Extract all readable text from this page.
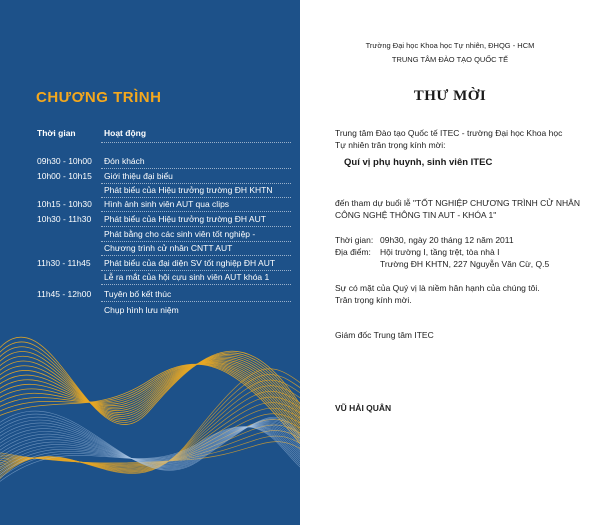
CHƯƠNG TRÌNH
Thời gian	Hoạt động
09h30 - 10h00 Đón khách
10h00 - 10h15 Giới thiệu đại biểu
Phát biểu của Hiệu trưởng trường ĐH KHTN
10h15 - 10h30 Hình ảnh sinh viên AUT qua clips
10h30 - 11h30 Phát biểu của Hiệu trưởng trường ĐH AUT
Phát bằng cho các sinh viên tốt nghiệp -
Chương trình cử nhân CNTT AUT
11h30 - 11h45 Phát biểu của đại diện SV tốt nghiệp ĐH AUT
Lễ ra mắt của hội cựu sinh viên AUT khóa 1
11h45 - 12h00 Tuyên bố kết thúc
Chụp hình lưu niệm
Trường Đại học Khoa học Tự nhiên, ĐHQG - HCM
TRUNG TÂM ĐÀO TẠO QUỐC TẾ
THƯ MỜI
Trung tâm Đào tạo Quốc tế ITEC - trường Đại học Khoa học
Tự nhiên trân trọng kính mời:
Quí vị phụ huynh, sinh viên ITEC
đến tham dự buổi lễ "TỐT NGHIỆP CHƯƠNG TRÌNH CỬ NHÂN
CÔNG NGHỆ THÔNG TIN AUT - KHÓA 1"
Thời gian: 09h30, ngày 20 tháng 12 năm 2011
Địa điểm: Hội trường I, tầng trệt, tòa nhà I
Trường ĐH KHTN, 227 Nguyễn Văn Cừ, Q.5
Sự có mặt của Quý vị là niềm hân hạnh của chúng tôi.
Trân trọng kính mời.
Giám đốc Trung tâm ITEC
VŨ HẢI QUÂN
